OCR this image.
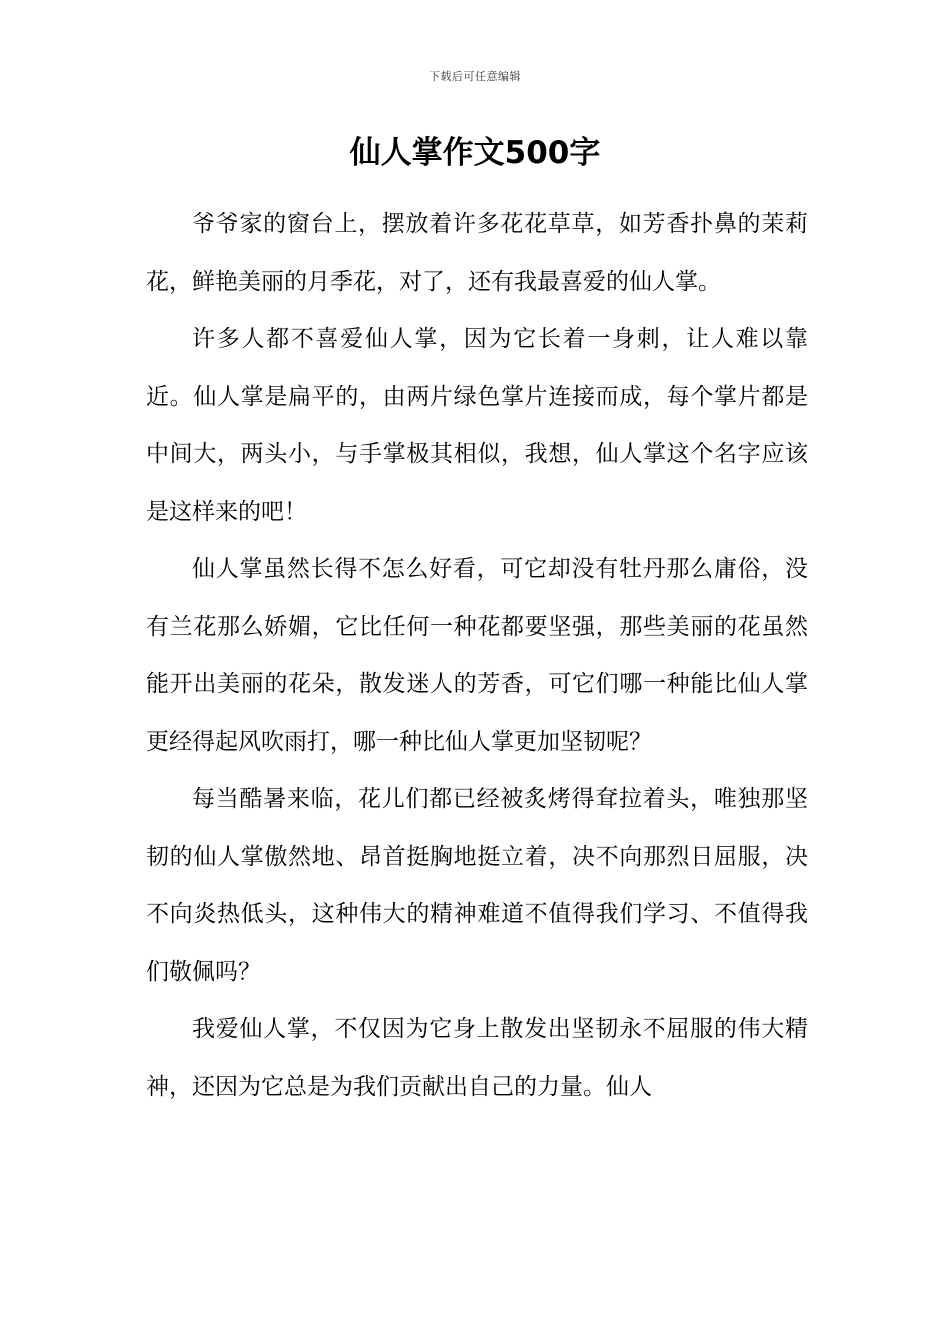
下载后可任意编辑
仙人掌作文500字

爷爷家的窗台上，摆放着许多花花草草，如芳香扑鼻的茉莉花，鲜艳美丽的月季花，对了，还有我最喜爱的仙人掌。

许多人都不喜爱仙人掌，因为它长着一身刺，让人难以靠近。仙人掌是扁平的，由两片绿色掌片连接而成，每个掌片都是中间大，两头小，与手掌极其相似，我想，仙人掌这个名字应该是这样来的吧！

仙人掌虽然长得不怎么好看，可它却没有牡丹那么庸俗，没有兰花那么娇媚，它比任何一种花都要坚强，那些美丽的花虽然能开出美丽的花朵，散发迷人的芳香，可它们哪一种能比仙人掌更经得起风吹雨打，哪一种比仙人掌更加坚韧呢？

每当酷暑来临，花儿们都已经被炙烤得耷拉着头，唯独那坚韧的仙人掌傲然地、昂首挺胸地挺立着，决不向那烈日屈服，决不向炎热低头，这种伟大的精神难道不值得我们学习、不值得我们敬佩吗？

我爱仙人掌，不仅因为它身上散发出坚韧永不屈服的伟大精神，还因为它总是为我们贡献出自己的力量。仙人
